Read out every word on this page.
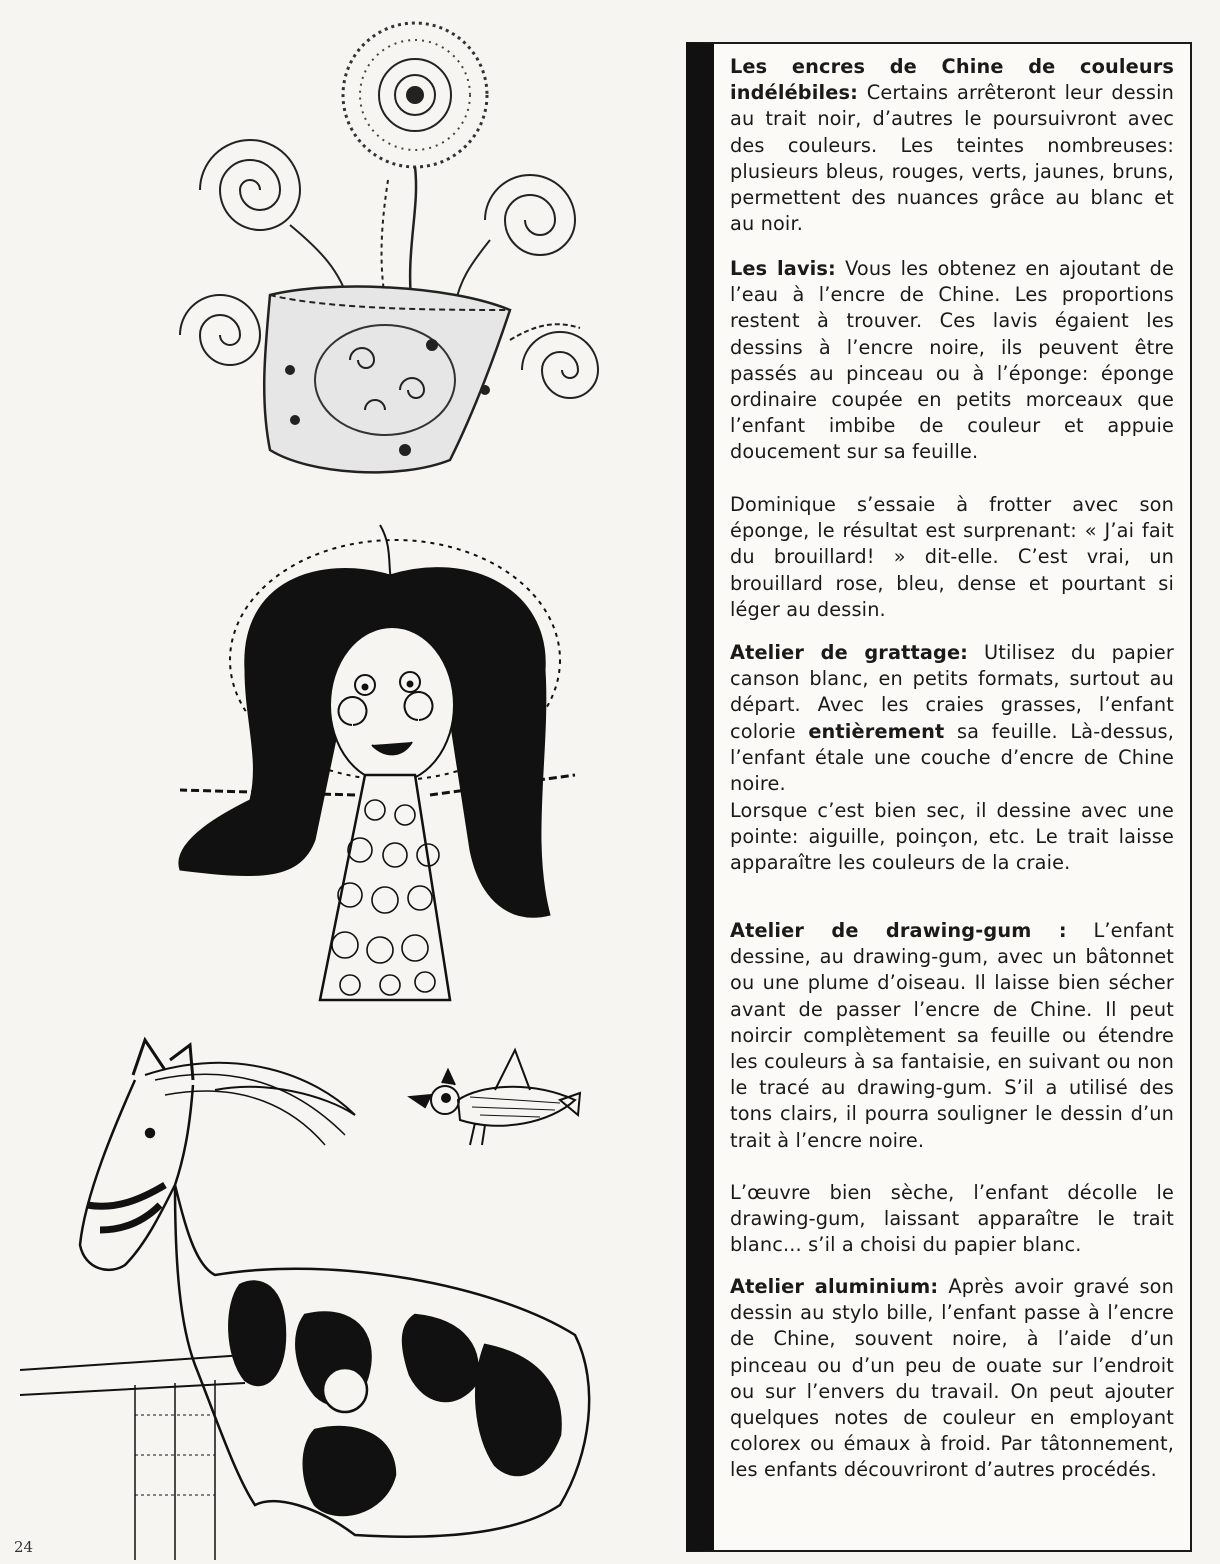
24

Les encres de Chine de couleurs indélébiles: Certains arrêteront leur dessin au trait noir, d’autres le poursuivront avec des couleurs. Les teintes nombreuses: plusieurs bleus, rouges, verts, jaunes, bruns, permettent des nuances grâce au blanc et au noir.

Les lavis: Vous les obtenez en ajoutant de l’eau à l’encre de Chine. Les proportions restent à trouver. Ces lavis égaient les dessins à l’encre noire, ils peuvent être passés au pinceau ou à l’éponge: éponge ordinaire coupée en petits morceaux que l’enfant imbibe de couleur et appuie doucement sur sa feuille.

Dominique s’essaie à frotter avec son éponge, le résultat est surprenant: « J’ai fait du brouillard! » dit-elle. C’est vrai, un brouillard rose, bleu, dense et pourtant si léger au dessin.

Atelier de grattage: Utilisez du papier canson blanc, en petits formats, surtout au départ. Avec les craies grasses, l’enfant colorie entièrement sa feuille. Là-dessus, l’enfant étale une couche d’encre de Chine noire.

Lorsque c’est bien sec, il dessine avec une pointe: aiguille, poinçon, etc. Le trait laisse apparaître les couleurs de la craie.

Atelier de drawing-gum : L’enfant dessine, au drawing-gum, avec un bâtonnet ou une plume d’oiseau. Il laisse bien sécher avant de passer l’encre de Chine. Il peut noircir complètement sa feuille ou étendre les couleurs à sa fantaisie, en suivant ou non le tracé au drawing-gum. S’il a utilisé des tons clairs, il pourra souligner le dessin d’un trait à l’encre noire.

L’œuvre bien sèche, l’enfant décolle le drawing-gum, laissant apparaître le trait blanc... s’il a choisi du papier blanc.

Atelier aluminium: Après avoir gravé son dessin au stylo bille, l’enfant passe à l’encre de Chine, souvent noire, à l’aide d’un pinceau ou d’un peu de ouate sur l’endroit ou sur l’envers du travail. On peut ajouter quelques notes de couleur en employant colorex ou émaux à froid. Par tâtonnement, les enfants découvriront d’autres procédés.
